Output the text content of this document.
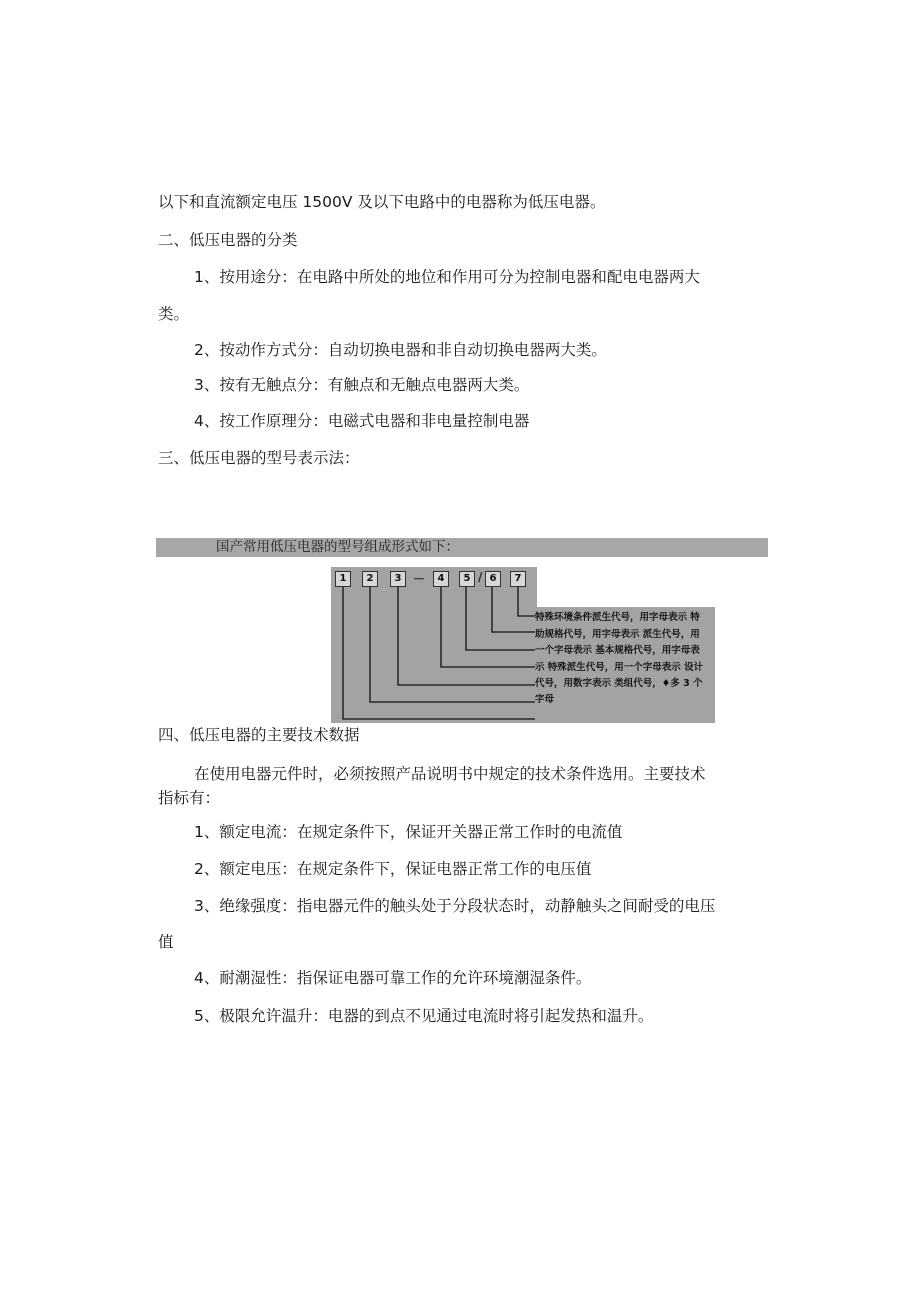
以下和直流额定电压 1500V 及以下电路中的电器称为低压电器。

二、低压电器的分类

1、按用途分：在电路中所处的地位和作用可分为控制电器和配电电器两大

类。

2、按动作方式分：自动切换电器和非自动切换电器两大类。

3、按有无触点分：有触点和无触点电器两大类。

4、按工作原理分：电磁式电器和非电量控制电器

三、低压电器的型号表示法：

国产常用低压电器的型号组成形式如下：
1	2	3 －	4	5 / 6	7
特殊环境条件派生代号，用字母表示 特
助规格代号，用字母表示 派生代号，用
一个字母表示 基本规格代号，用字母表
示 特殊派生代号，用一个字母表示 设计
代号，用数字表示 类组代号，♦多 3 个
字母

四、低压电器的主要技术数据

在使用电器元件时，必须按照产品说明书中规定的技术条件选用。主要技术

指标有：

1、额定电流：在规定条件下，保证开关器正常工作时的电流值

2、额定电压：在规定条件下，保证电器正常工作的电压值

3、绝缘强度：指电器元件的触头处于分段状态时，动静触头之间耐受的电压

值

4、耐潮湿性：指保证电器可靠工作的允许环境潮湿条件。

5、极限允许温升：电器的到点不见通过电流时将引起发热和温升。
